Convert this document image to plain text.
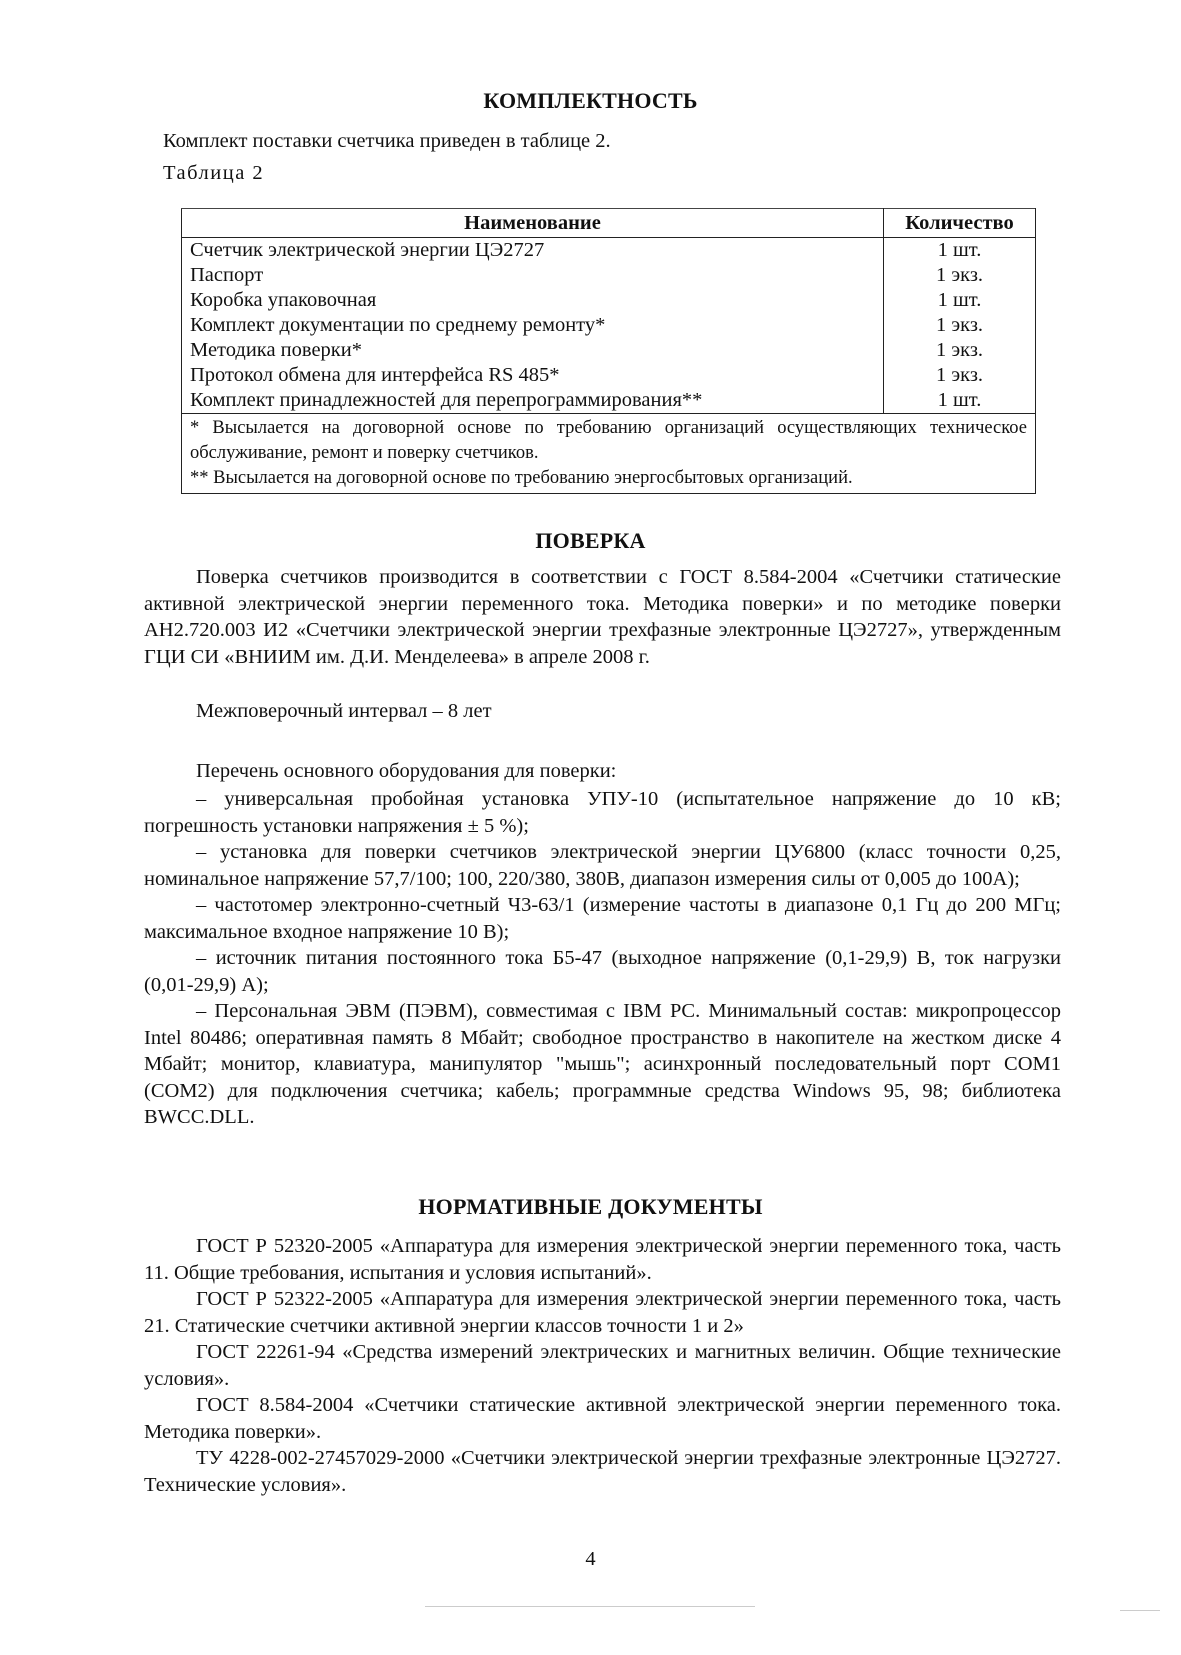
КОМПЛЕКТНОСТЬ
Комплект поставки счетчика приведен в таблице 2.
Таблица 2
Наименование	Количество
Счетчик электрической энергии ЦЭ2727	1 шт.
Паспорт	1 экз.
Коробка упаковочная	1 шт.
Комплект документации по среднему ремонту*	1 экз.
Методика поверки*	1 экз.
Протокол обмена для интерфейса RS 485*	1 экз.
Комплект принадлежностей для перепрограммирования**	1 шт.

* Высылается на договорной основе по требованию организаций осуществляющих техническое обслуживание, ремонт и поверку счетчиков.
** Высылается на договорной основе по требованию энергосбытовых организаций.	
ПОВЕРКА
Поверка счетчиков производится в соответствии с ГОСТ 8.584-2004 «Счетчики статические активной электрической энергии переменного тока. Методика поверки» и по методике поверки АН2.720.003 И2 «Счетчики электрической энергии трехфазные электронные ЦЭ2727», утвержденным ГЦИ СИ «ВНИИМ им. Д.И. Менделеева» в апреле 2008 г.
Межповерочный интервал – 8 лет
Перечень основного оборудования для поверки:

– универсальная пробойная установка УПУ-10 (испытательное напряжение до 10 кВ; погрешность установки напряжения ± 5 %);

– установка для поверки счетчиков электрической энергии ЦУ6800 (класс точности 0,25, номинальное напряжение 57,7/100; 100, 220/380, 380В, диапазон измерения силы от 0,005 до 100А);

– частотомер электронно-счетный Ч3-63/1 (измерение частоты в диапазоне 0,1 Гц до 200 МГц; максимальное входное напряжение 10 В);

– источник питания постоянного тока Б5-47 (выходное напряжение (0,1-29,9) В, ток нагрузки (0,01-29,9) А);

– Персональная ЭВМ (ПЭВМ), совместимая с IBM PC. Минимальный состав: микропроцессор Intel 80486; оперативная память 8 Мбайт; свободное пространство в накопителе на жестком диске 4 Мбайт; монитор, клавиатура, манипулятор "мышь"; асинхронный последовательный порт COM1 (COM2) для подключения счетчика; кабель; программные средства Windows 95, 98; библиотека BWCC.DLL.

НОРМАТИВНЫЕ ДОКУМЕНТЫ

ГОСТ Р 52320-2005 «Аппаратура для измерения электрической энергии переменного тока, часть 11. Общие требования, испытания и условия испытаний».

ГОСТ Р 52322-2005 «Аппаратура для измерения электрической энергии переменного тока, часть 21. Статические счетчики активной энергии классов точности 1 и 2»

ГОСТ 22261-94 «Средства измерений электрических и магнитных величин. Общие технические условия».

ГОСТ 8.584-2004 «Счетчики статические активной электрической энергии переменного тока. Методика поверки».

ТУ 4228-002-27457029-2000 «Счетчики электрической энергии трехфазные электронные ЦЭ2727. Технические условия».

4
